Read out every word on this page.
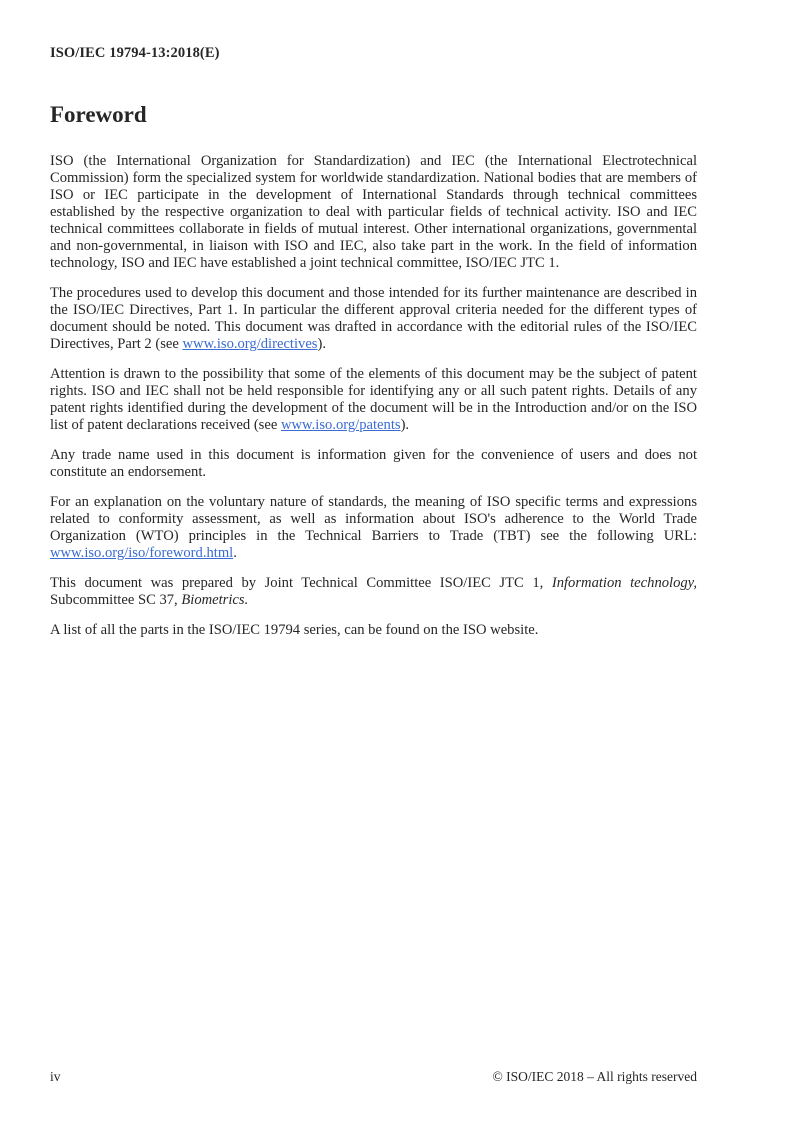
ISO/IEC 19794-13:2018(E)
Foreword

ISO (the International Organization for Standardization) and IEC (the International Electrotechnical Commission) form the specialized system for worldwide standardization. National bodies that are members of ISO or IEC participate in the development of International Standards through technical committees established by the respective organization to deal with particular fields of technical activity. ISO and IEC technical committees collaborate in fields of mutual interest. Other international organizations, governmental and non-governmental, in liaison with ISO and IEC, also take part in the work. In the field of information technology, ISO and IEC have established a joint technical committee, ISO/IEC JTC 1.

The procedures used to develop this document and those intended for its further maintenance are described in the ISO/IEC Directives, Part 1. In particular the different approval criteria needed for the different types of document should be noted. This document was drafted in accordance with the editorial rules of the ISO/IEC Directives, Part 2 (see www.iso.org/directives).

Attention is drawn to the possibility that some of the elements of this document may be the subject of patent rights. ISO and IEC shall not be held responsible for identifying any or all such patent rights. Details of any patent rights identified during the development of the document will be in the Introduction and/or on the ISO list of patent declarations received (see www.iso.org/patents).

Any trade name used in this document is information given for the convenience of users and does not constitute an endorsement.

For an explanation on the voluntary nature of standards, the meaning of ISO specific terms and expressions related to conformity assessment, as well as information about ISO's adherence to the World Trade Organization (WTO) principles in the Technical Barriers to Trade (TBT) see the following URL: www.iso.org/iso/foreword.html.

This document was prepared by Joint Technical Committee ISO/IEC JTC 1, Information technology, Subcommittee SC 37, Biometrics.

A list of all the parts in the ISO/IEC 19794 series, can be found on the ISO website.

iv	© ISO/IEC 2018 – All rights reserved
